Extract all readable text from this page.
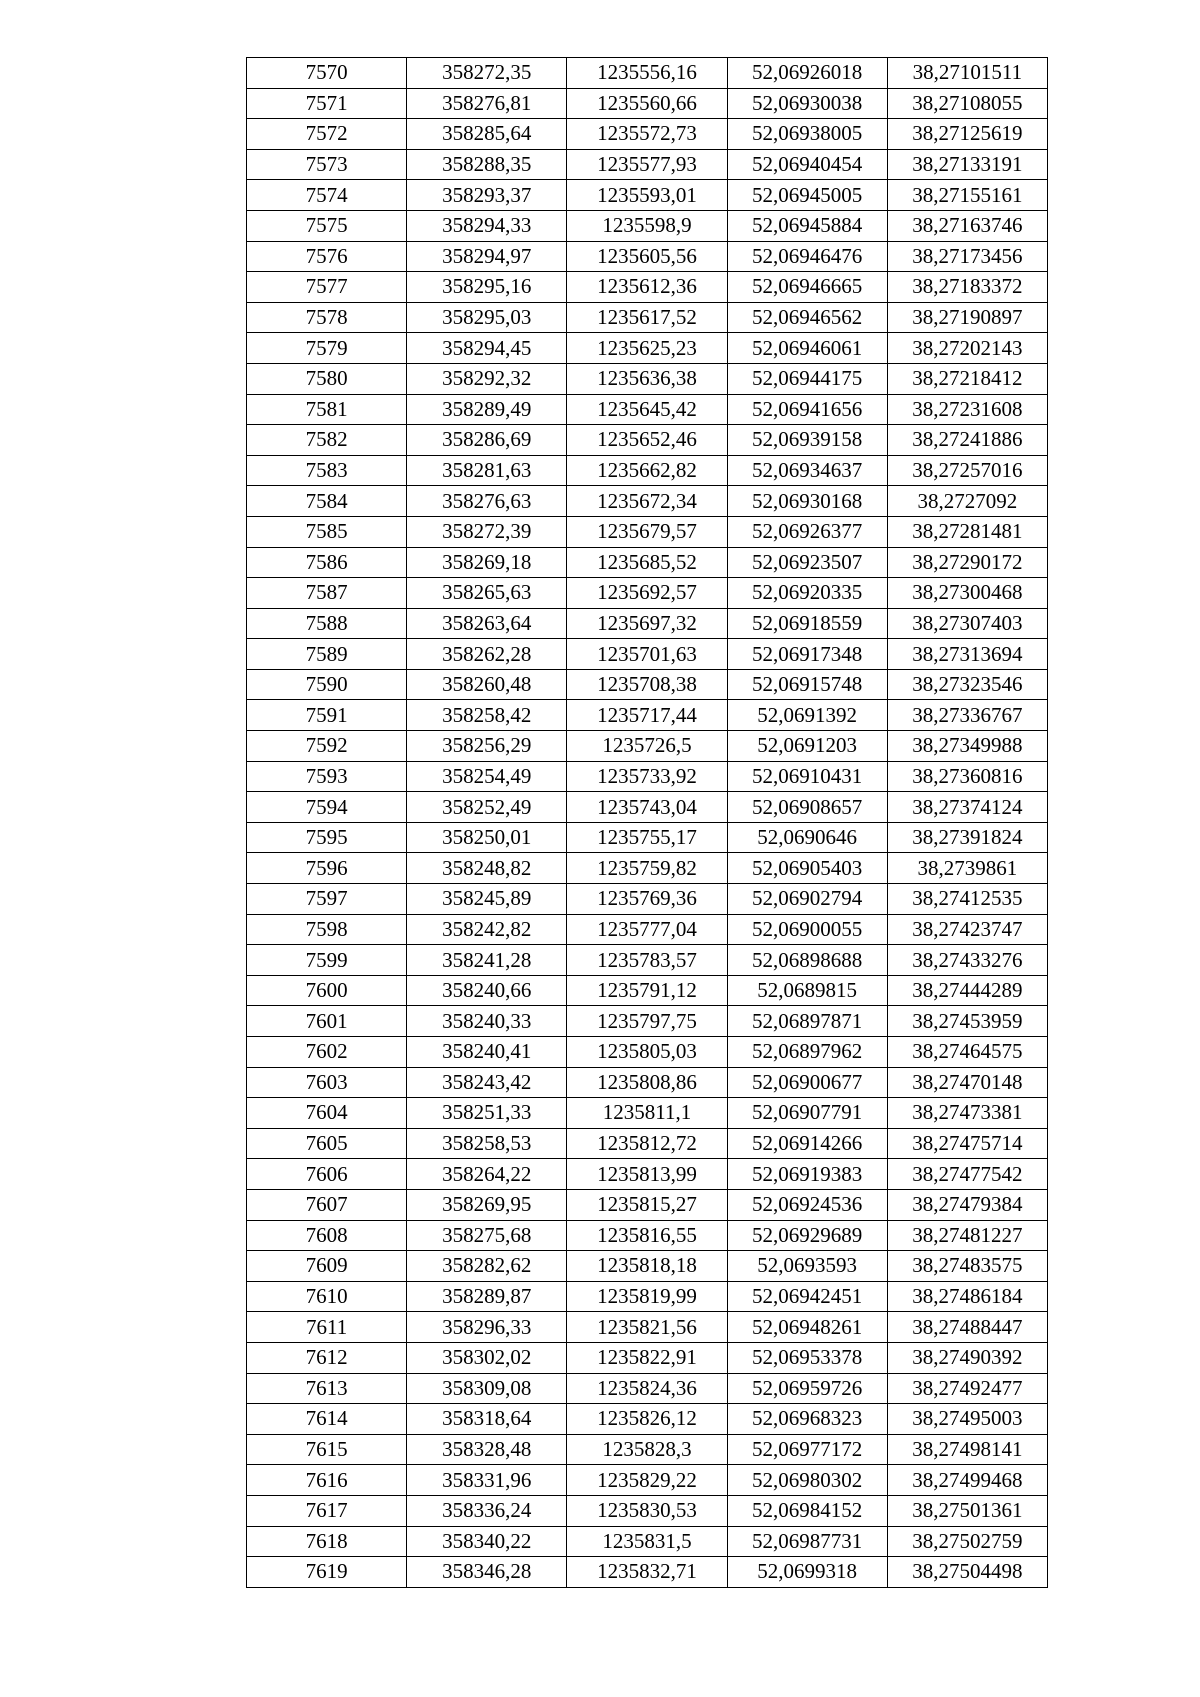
7570	358272,35	1235556,16	52,06926018	38,27101511
7571	358276,81	1235560,66	52,06930038	38,27108055
7572	358285,64	1235572,73	52,06938005	38,27125619
7573	358288,35	1235577,93	52,06940454	38,27133191
7574	358293,37	1235593,01	52,06945005	38,27155161
7575	358294,33	1235598,9	52,06945884	38,27163746
7576	358294,97	1235605,56	52,06946476	38,27173456
7577	358295,16	1235612,36	52,06946665	38,27183372
7578	358295,03	1235617,52	52,06946562	38,27190897
7579	358294,45	1235625,23	52,06946061	38,27202143
7580	358292,32	1235636,38	52,06944175	38,27218412
7581	358289,49	1235645,42	52,06941656	38,27231608
7582	358286,69	1235652,46	52,06939158	38,27241886
7583	358281,63	1235662,82	52,06934637	38,27257016
7584	358276,63	1235672,34	52,06930168	38,2727092
7585	358272,39	1235679,57	52,06926377	38,27281481
7586	358269,18	1235685,52	52,06923507	38,27290172
7587	358265,63	1235692,57	52,06920335	38,27300468
7588	358263,64	1235697,32	52,06918559	38,27307403
7589	358262,28	1235701,63	52,06917348	38,27313694
7590	358260,48	1235708,38	52,06915748	38,27323546
7591	358258,42	1235717,44	52,0691392	38,27336767
7592	358256,29	1235726,5	52,0691203	38,27349988
7593	358254,49	1235733,92	52,06910431	38,27360816
7594	358252,49	1235743,04	52,06908657	38,27374124
7595	358250,01	1235755,17	52,0690646	38,27391824
7596	358248,82	1235759,82	52,06905403	38,2739861
7597	358245,89	1235769,36	52,06902794	38,27412535
7598	358242,82	1235777,04	52,06900055	38,27423747
7599	358241,28	1235783,57	52,06898688	38,27433276
7600	358240,66	1235791,12	52,0689815	38,27444289
7601	358240,33	1235797,75	52,06897871	38,27453959
7602	358240,41	1235805,03	52,06897962	38,27464575
7603	358243,42	1235808,86	52,06900677	38,27470148
7604	358251,33	1235811,1	52,06907791	38,27473381
7605	358258,53	1235812,72	52,06914266	38,27475714
7606	358264,22	1235813,99	52,06919383	38,27477542
7607	358269,95	1235815,27	52,06924536	38,27479384
7608	358275,68	1235816,55	52,06929689	38,27481227
7609	358282,62	1235818,18	52,0693593	38,27483575
7610	358289,87	1235819,99	52,06942451	38,27486184
7611	358296,33	1235821,56	52,06948261	38,27488447
7612	358302,02	1235822,91	52,06953378	38,27490392
7613	358309,08	1235824,36	52,06959726	38,27492477
7614	358318,64	1235826,12	52,06968323	38,27495003
7615	358328,48	1235828,3	52,06977172	38,27498141
7616	358331,96	1235829,22	52,06980302	38,27499468
7617	358336,24	1235830,53	52,06984152	38,27501361
7618	358340,22	1235831,5	52,06987731	38,27502759
7619	358346,28	1235832,71	52,0699318	38,27504498
